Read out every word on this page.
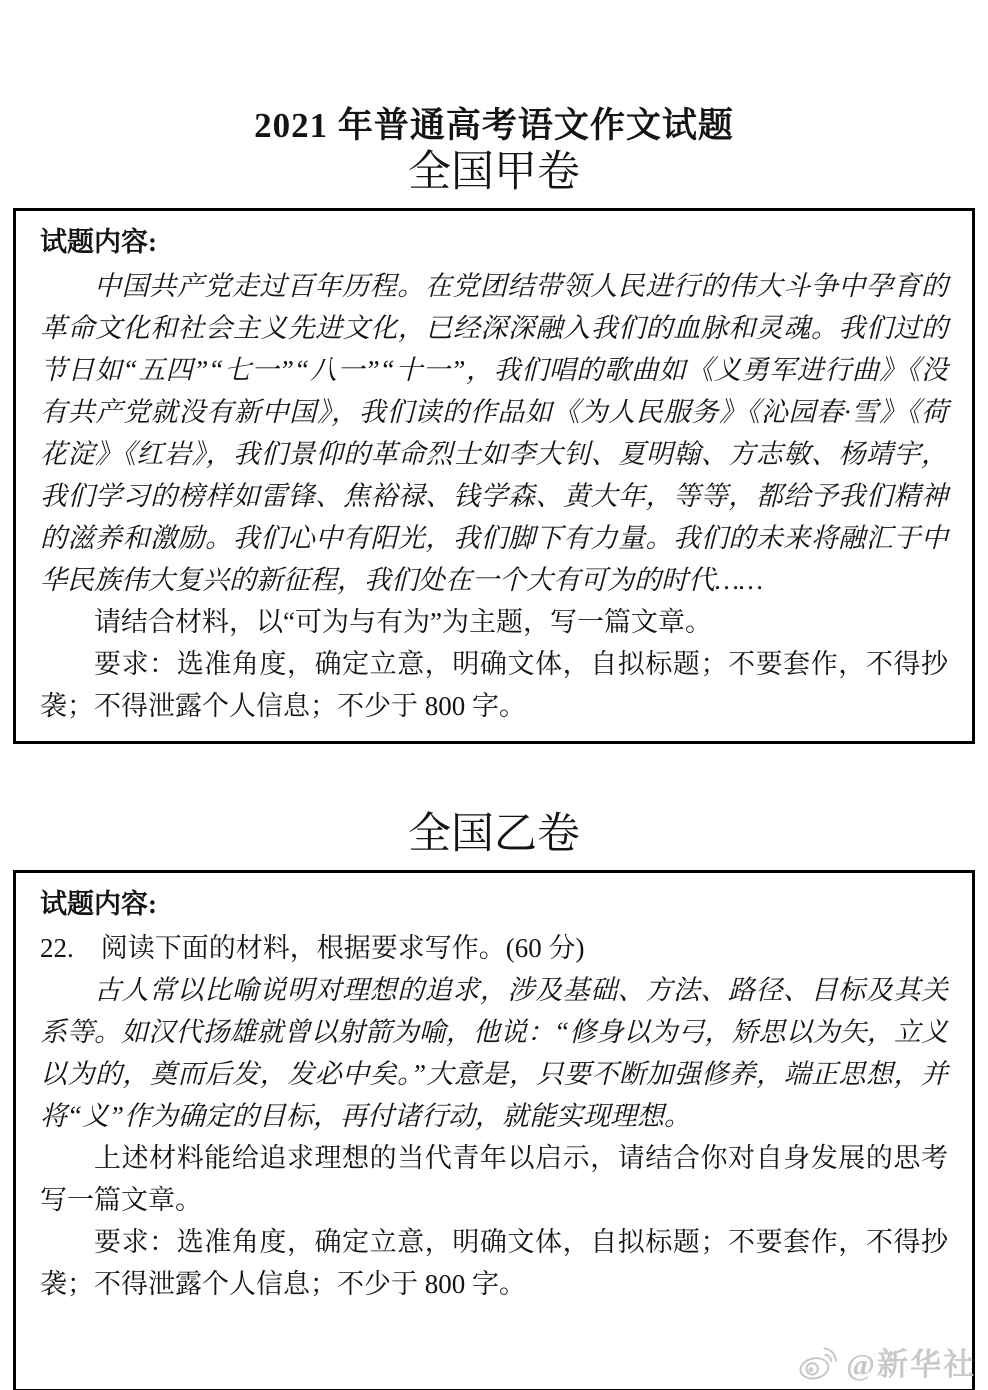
2021 年普通高考语文作文试题
全国甲卷
试题内容:

中国共产党走过百年历程。在党团结带领人民进行的伟大斗争中孕育的革命文化和社会主义先进文化，已经深深融入我们的血脉和灵魂。我们过的节日如“五四”“七一”“八一”“十一”，我们唱的歌曲如《义勇军进行曲》《没有共产党就没有新中国》，我们读的作品如《为人民服务》《沁园春·雪》《荷花淀》《红岩》，我们景仰的革命烈士如李大钊、夏明翰、方志敏、杨靖宇，我们学习的榜样如雷锋、焦裕禄、钱学森、黄大年，等等，都给予我们精神的滋养和激励。我们心中有阳光，我们脚下有力量。我们的未来将融汇于中华民族伟大复兴的新征程，我们处在一个大有可为的时代……

请结合材料，以“可为与有为”为主题，写一篇文章。

要求：选准角度，确定立意，明确文体，自拟标题；不要套作，不得抄袭；不得泄露个人信息；不少于 800 字。

全国乙卷
试题内容:

22.　阅读下面的材料，根据要求写作。(60 分)

古人常以比喻说明对理想的追求，涉及基础、方法、路径、目标及其关系等。如汉代扬雄就曾以射箭为喻，他说：“修身以为弓，矫思以为矢，立义以为的，奠而后发，发必中矣。”大意是，只要不断加强修养，端正思想，并将“义”作为确定的目标，再付诸行动，就能实现理想。

上述材料能给追求理想的当代青年以启示，请结合你对自身发展的思考写一篇文章。

要求：选准角度，确定立意，明确文体，自拟标题；不要套作，不得抄袭；不得泄露个人信息；不少于 800 字。

@新华社
